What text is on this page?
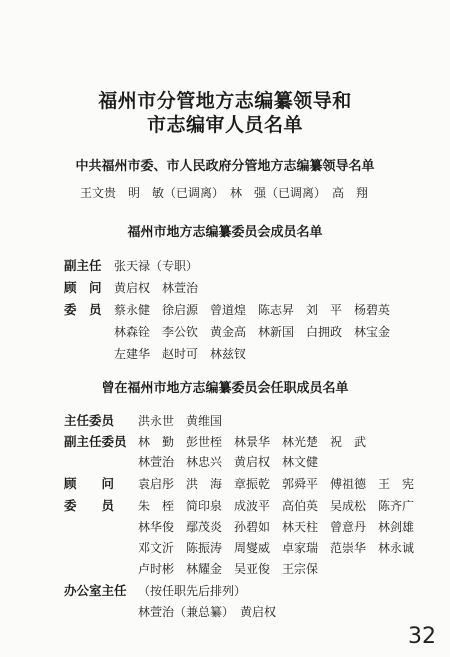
福州市分管地方志编纂领导和
市志编审人员名单
中共福州市委、市人民政府分管地方志编纂领导名单
王文贵　明　敏（已调离）　林　强（已调离）　高　翔
福州市地方志编纂委员会成员名单
副主任 张天禄（专职）
顾　问 黄启权　林萱治
委　员 蔡永健　徐启源　曾道煌　陈志昇　刘　平　杨碧英
林森铨　李公钦　黄金高　林新国　白拥政　林宝金
左建华　赵时可　林兹钗
曾在福州市地方志编纂委员会任职成员名单
主任委员 洪永世　黄维国
副主任委员 林　勤　彭世桎　林景华　林光楚　祝　武
林萱治　林忠兴　黄启权　林文健
顾　　问 袁启彤　洪　海　章振乾　郭舜平　傅祖德　王　宪
委　　员 朱　桎　简印泉　成波平　高伯英　吴成松　陈齐广
林华俊　鄢茂炎　孙碧如　林天柱　曾意丹　林剑雄
邓文沂　陈振涛　周燮威　卓家瑞　范崇华　林永诚
卢时彬　林耀金　吴亚俊　王宗保
办公室主任 （按任职先后排列）
林萱治（兼总纂）　黄启权
32
